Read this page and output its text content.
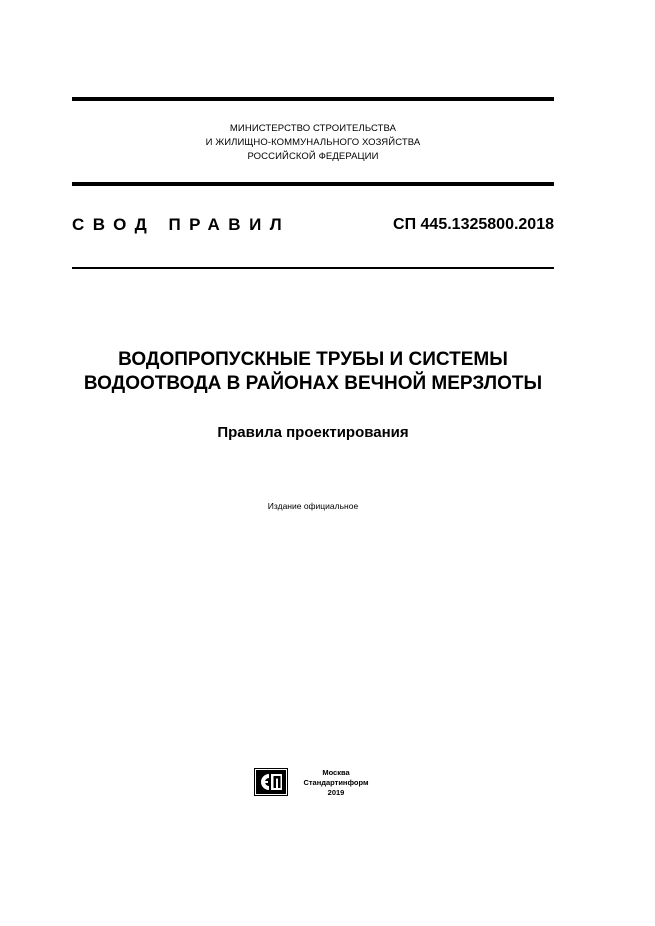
МИНИСТЕРСТВО СТРОИТЕЛЬСТВА
И ЖИЛИЩНО-КОММУНАЛЬНОГО ХОЗЯЙСТВА
РОССИЙСКОЙ ФЕДЕРАЦИИ
СВОД ПРАВИЛ	СП 445.1325800.2018
ВОДОПРОПУСКНЫЕ ТРУБЫ И СИСТЕМЫ
ВОДООТВОДА В РАЙОНАХ ВЕЧНОЙ МЕРЗЛОТЫ
Правила проектирования
Издание официальное
Москва
Стандартинформ
2019
